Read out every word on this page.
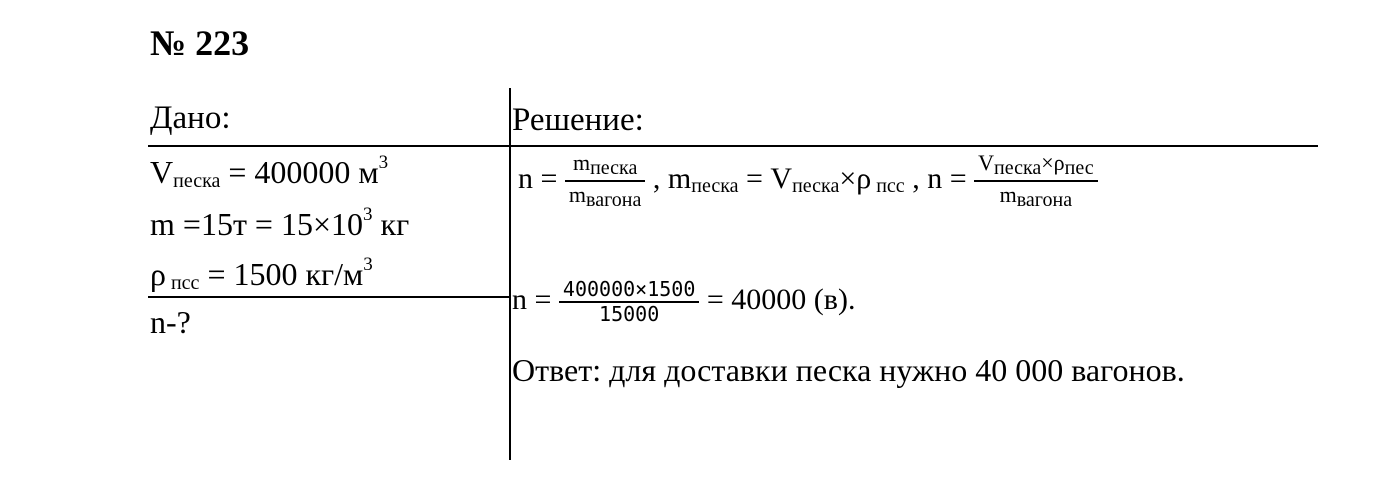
№ 223
Дано:
$V_{песка} = 400000$ $м^3$
$m =15т = 15\times 10^3$ кг
ρ $_{псс}$ = 1500 $кг/м^3$
n-?
Решение:
$n = \frac{\text{mпеска}}{\text{mвагона}}$ , $m_{песка} = V_{песка}\times\rho$ $_{псс}$ , $n = \frac{\text{Vпеска×ρпес}}{\text{mвагона}}$
$n = \frac{400000\times 1500}{15000} = 40000$ (в).
Ответ: для доставки песка нужно 40 000 вагонов.
